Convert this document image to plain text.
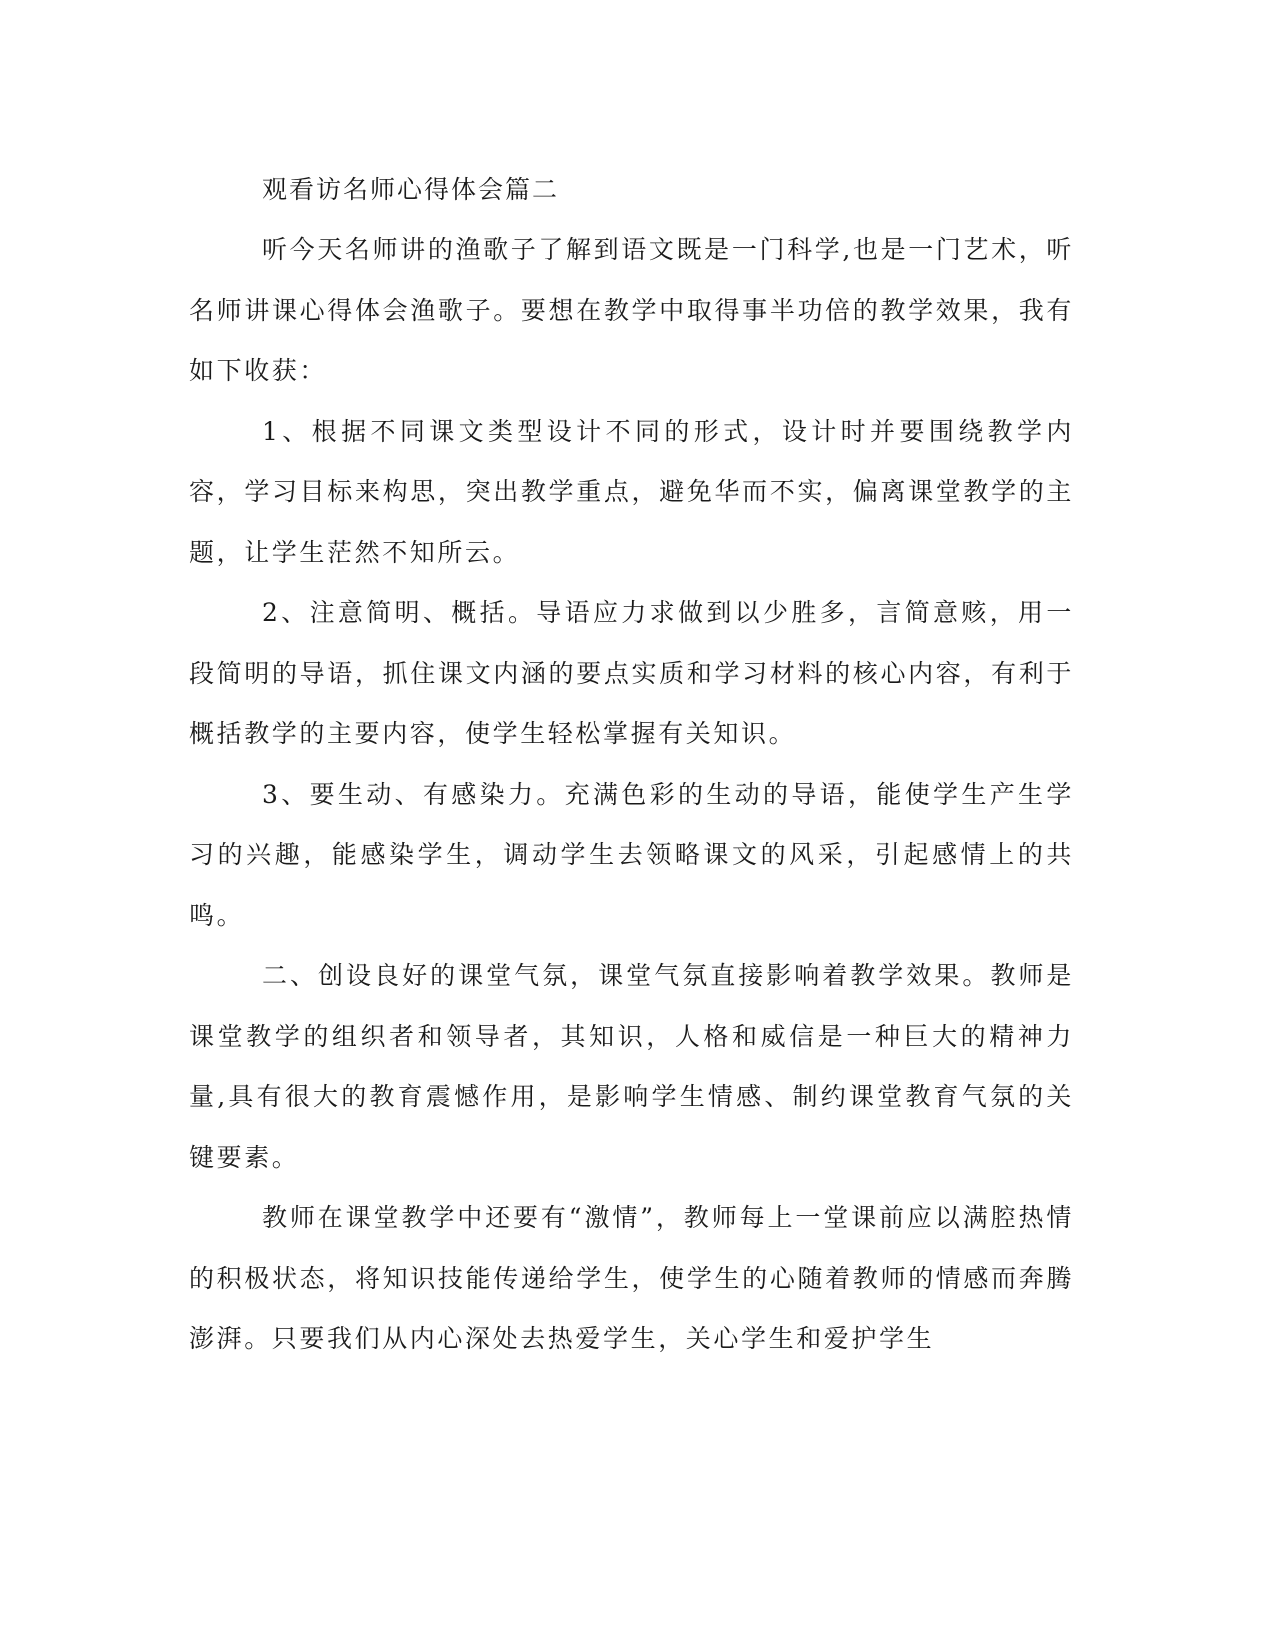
观看访名师心得体会篇二

听今天名师讲的渔歌子了解到语文既是一门科学,也是一门艺术，听名师讲课心得体会渔歌子。要想在教学中取得事半功倍的教学效果，我有如下收获：

1、根据不同课文类型设计不同的形式，设计时并要围绕教学内容，学习目标来构思，突出教学重点，避免华而不实，偏离课堂教学的主题，让学生茫然不知所云。

2、注意简明、概括。导语应力求做到以少胜多，言简意赅，用一段简明的导语，抓住课文内涵的要点实质和学习材料的核心内容，有利于概括教学的主要内容，使学生轻松掌握有关知识。

3、要生动、有感染力。充满色彩的生动的导语，能使学生产生学习的兴趣，能感染学生，调动学生去领略课文的风采，引起感情上的共鸣。

二、创设良好的课堂气氛，课堂气氛直接影响着教学效果。教师是课堂教学的组织者和领导者，其知识，人格和威信是一种巨大的精神力量,具有很大的教育震憾作用，是影响学生情感、制约课堂教育气氛的关键要素。

教师在课堂教学中还要有“激情”，教师每上一堂课前应以满腔热情的积极状态，将知识技能传递给学生，使学生的心随着教师的情感而奔腾澎湃。只要我们从内心深处去热爱学生，关心学生和爱护学生
